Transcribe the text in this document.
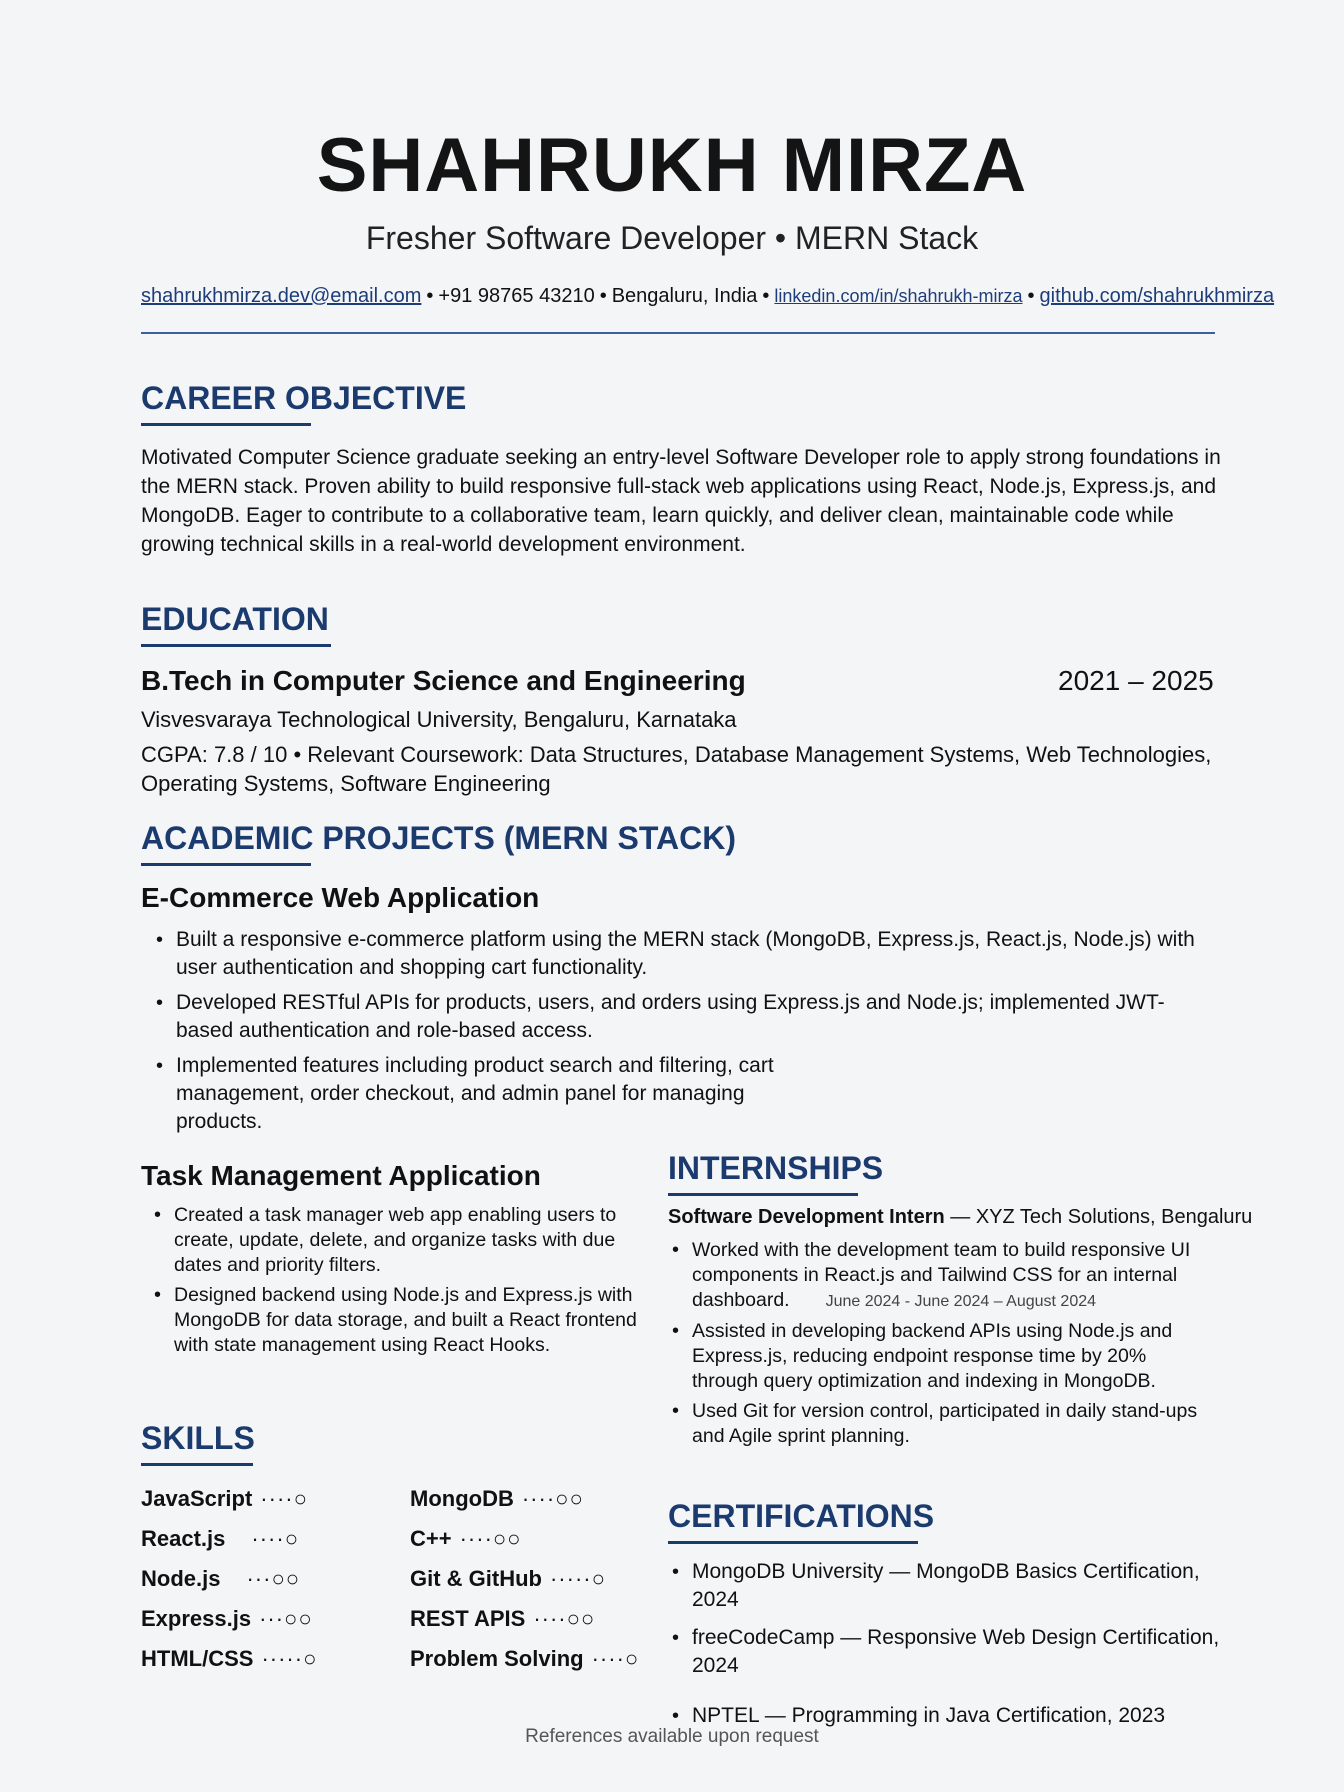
SHAHRUKH MIRZA
Fresher Software Developer • MERN Stack
shahrukhmirza.dev@email.com • +91 98765 43210 • Bengaluru, India • linkedin.com/in/shahrukh-mirza • github.com/shahrukhmirza
CAREER OBJECTIVE

Motivated Computer Science graduate seeking an entry-level Software Developer role to apply strong foundations in the MERN stack. Proven ability to build responsive full-stack web applications using React, Node.js, Express.js, and MongoDB. Eager to contribute to a collaborative team, learn quickly, and deliver clean, maintainable code while growing technical skills in a real-world development environment.

EDUCATION
B.Tech in Computer Science and Engineering	2021 – 2025
Visvesvaraya Technological University, Bengaluru, Karnataka

CGPA: 7.8 / 10 • Relevant Coursework: Data Structures, Database Management Systems, Web Technologies, Operating Systems, Software Engineering

ACADEMIC PROJECTS (MERN STACK)
E-Commerce Web Application
• Built a responsive e-commerce platform using the MERN stack (MongoDB, Express.js, React.js, Node.js) with user authentication and shopping cart functionality.
• Developed RESTful APIs for products, users, and orders using Express.js and Node.js; implemented JWT-based authentication and role-based access.
• Implemented features including product search and filtering, cart management, order checkout, and admin panel for managing products.
Task Management Application
• Created a task manager web app enabling users to create, update, delete, and organize tasks with due dates and priority filters.
• Designed backend using Node.js and Express.js with MongoDB for data storage, and built a React frontend with state management using React Hooks.
INTERNSHIPS
Software Development Intern — XYZ Tech Solutions, Bengaluru
• Worked with the development team to build responsive UI components in React.js and Tailwind CSS for an internal dashboard. June 2024 - June 2024 – August 2024
• Assisted in developing backend APIs using Node.js and Express.js, reducing endpoint response time by 20% through query optimization and indexing in MongoDB.
• Used Git for version control, participated in daily stand-ups and Agile sprint planning.
SKILLS
JavaScript ····○
React.js ····○
Node.js ···○○
Express.js ···○○
HTML/CSS ·····○
MongoDB ····○○
C++ ····○○
Git & GitHub ·····○
REST APIS ····○○
Problem Solving ····○
CERTIFICATIONS
• MongoDB University — MongoDB Basics Certification, 2024
• freeCodeCamp — Responsive Web Design Certification, 2024
• NPTEL — Programming in Java Certification, 2023
References available upon request
